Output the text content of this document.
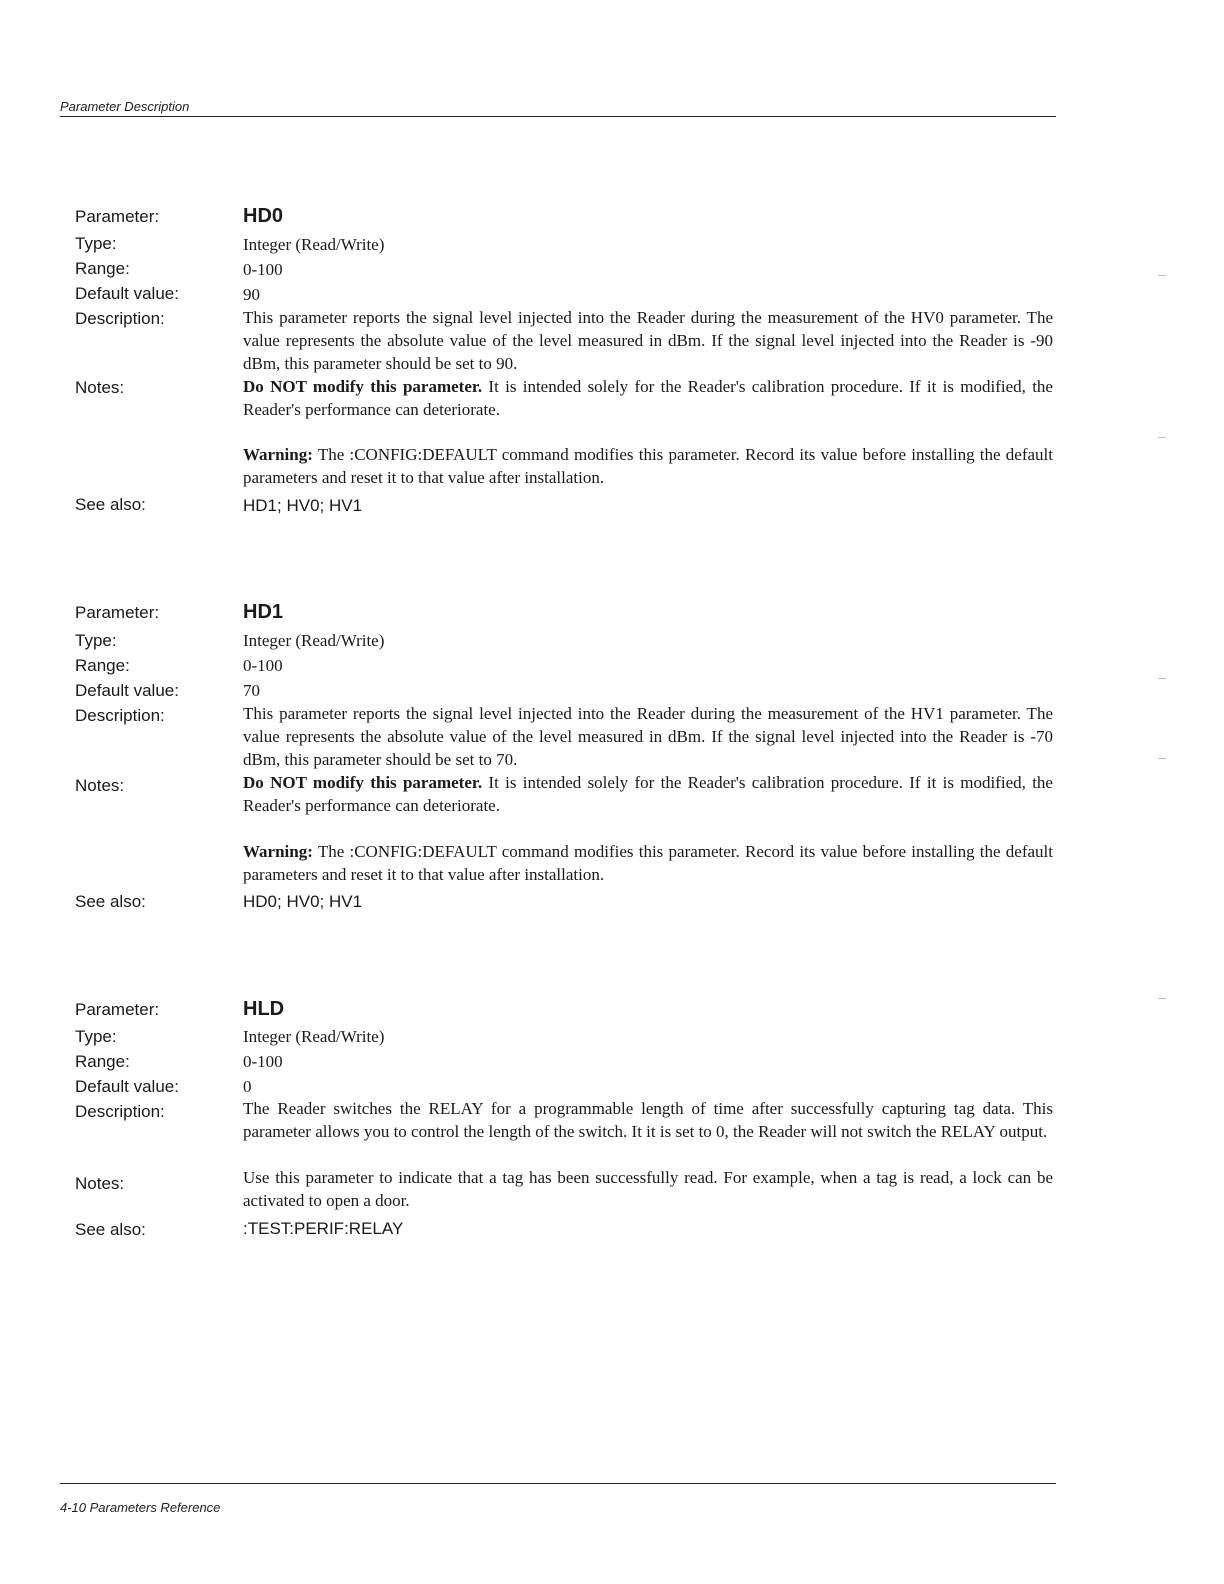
Parameter Description
Parameter:	HD0
Type:	Integer (Read/Write)
Range:	0-100
Default value:	90
Description:	This parameter reports the signal level injected into the Reader during the measurement of the HV0 parameter. The value represents the absolute value of the level measured in dBm. If the signal level injected into the Reader is -90 dBm, this parameter should be set to 90.
Notes:	Do NOT modify this parameter. It is intended solely for the Reader's calibration procedure. If it is modified, the Reader's performance can deteriorate.
Warning: The :CONFIG:DEFAULT command modifies this parameter. Record its value before installing the default parameters and reset it to that value after installation.
See also:	HD1; HV0; HV1
Parameter:	HD1
Type:	Integer (Read/Write)
Range:	0-100
Default value:	70
Description:	This parameter reports the signal level injected into the Reader during the measurement of the HV1 parameter. The value represents the absolute value of the level measured in dBm. If the signal level injected into the Reader is -70 dBm, this parameter should be set to 70.
Notes:	Do NOT modify this parameter. It is intended solely for the Reader's calibration procedure. If it is modified, the Reader's performance can deteriorate.
Warning: The :CONFIG:DEFAULT command modifies this parameter. Record its value before installing the default parameters and reset it to that value after installation.
See also:	HD0; HV0; HV1
Parameter:	HLD
Type:	Integer (Read/Write)
Range:	0-100
Default value:	0
Description:	The Reader switches the RELAY for a programmable length of time after successfully capturing tag data. This parameter allows you to control the length of the switch. It it is set to 0, the Reader will not switch the RELAY output.
Notes:	Use this parameter to indicate that a tag has been successfully read. For example, when a tag is read, a lock can be activated to open a door.
See also:	:TEST:PERIF:RELAY
4-10 Parameters Reference
